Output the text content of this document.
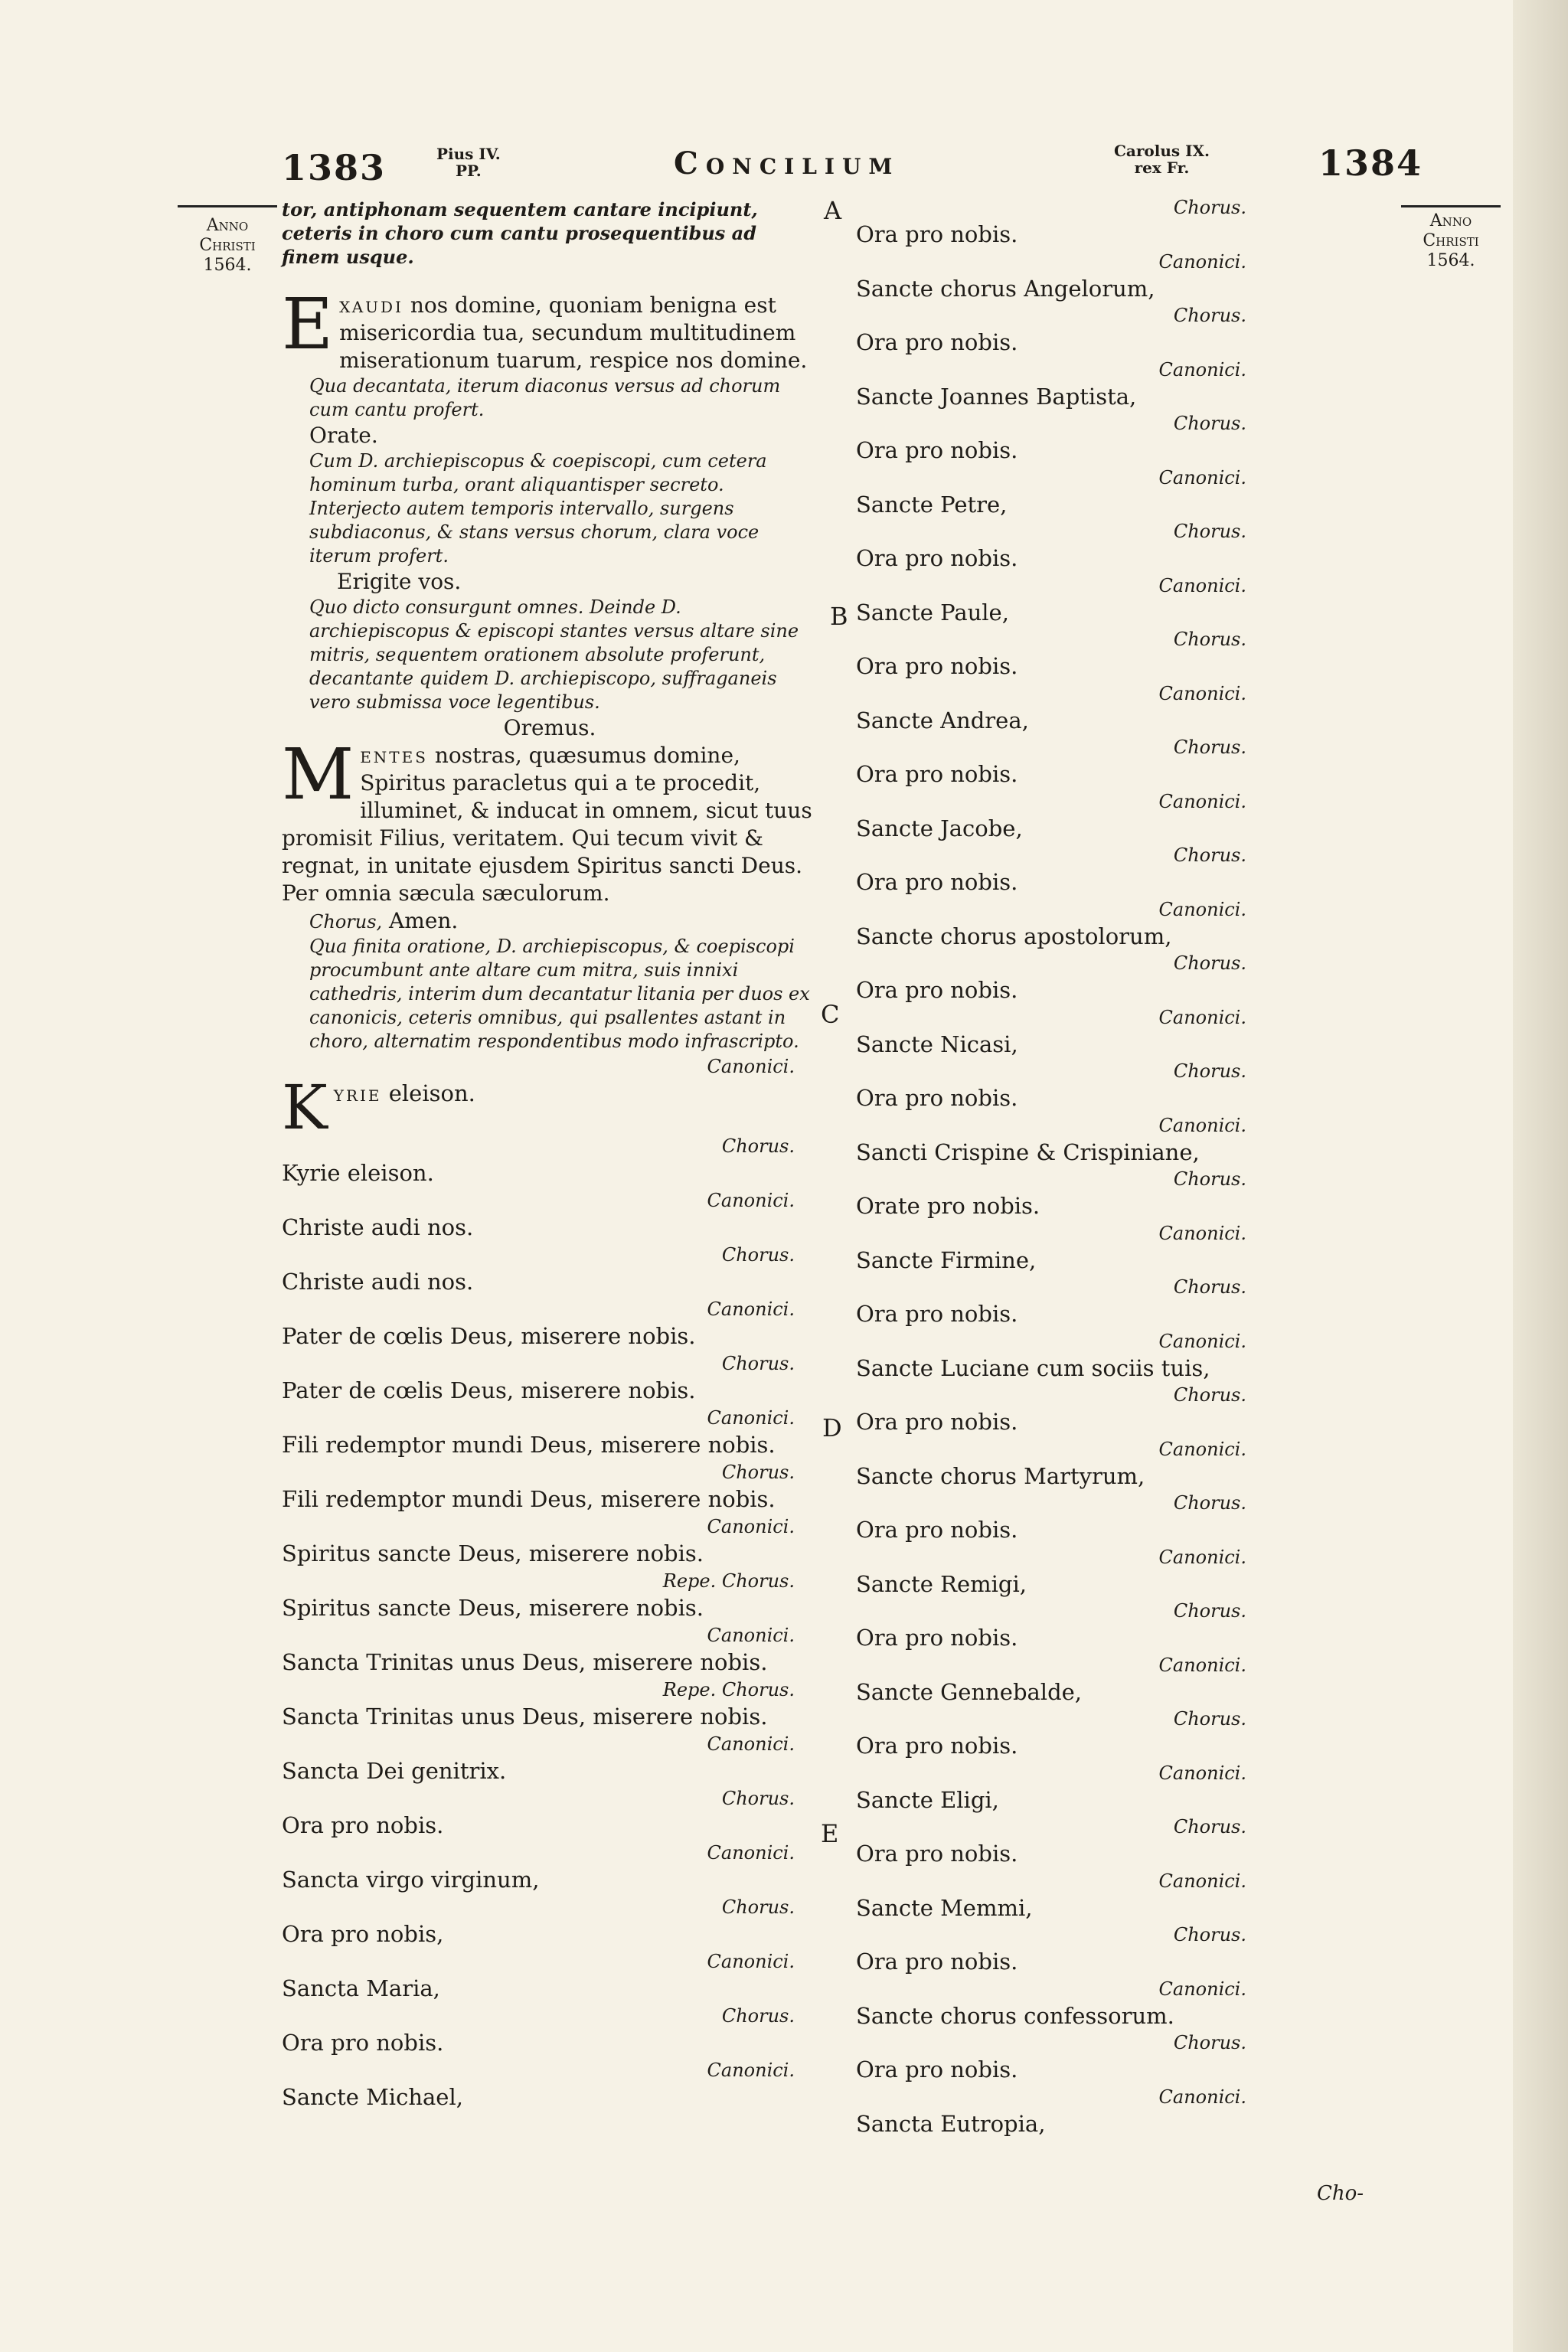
1383	Pius IV.
PP.	Concilium	Carolus IX.
rex Fr.	1384
Anno
Christi
1564.
Anno
Christi
1564.
A
B
C
D
E
tor, antiphonam sequentem cantare incipiunt, ceteris in choro cum cantu prosequentibus ad finem usque.
Exaudi nos domine, quoniam benigna est misericordia tua, secundum multitudinem miserationum tuarum, respice nos domine.
Qua decantata, iterum diaconus versus ad chorum cum cantu profert.
Orate.
Cum D. archiepiscopus & coepiscopi, cum cetera hominum turba, orant aliquantisper secreto. Interjecto autem temporis intervallo, surgens subdiaconus, & stans versus chorum, clara voce iterum profert.
Erigite vos.
Quo dicto consurgunt omnes. Deinde D. archiepiscopus & episcopi stantes versus altare sine mitris, sequentem orationem absolute proferunt, decantante quidem D. archiepiscopo, suffraganeis vero submissa voce legentibus.
Oremus.
Mentes nostras, quæsumus domine, Spiritus paracletus qui a te procedit, illuminet, & inducat in omnem, sicut tuus promisit Filius, veritatem. Qui tecum vivit & regnat, in unitate ejusdem Spiritus sancti Deus. Per omnia sæcula sæculorum.
Chorus, Amen.
Qua finita oratione, D. archiepiscopus, & coepiscopi procumbunt ante altare cum mitra, suis innixi cathedris, interim dum decantatur litania per duos ex canonicis, ceteris omnibus, qui psallentes astant in choro, alternatim respondentibus modo infrascripto.
Canonici.
Kyrie eleison.
Chorus.
Kyrie eleison.
Canonici.
Christe audi nos.
Chorus.
Christe audi nos.
Canonici.
Pater de cœlis Deus, miserere nobis.
Chorus.
Pater de cœlis Deus, miserere nobis.
Canonici.
Fili redemptor mundi Deus, miserere nobis.
Chorus.
Fili redemptor mundi Deus, miserere nobis.
Canonici.
Spiritus sancte Deus, miserere nobis.
Repe. Chorus.
Spiritus sancte Deus, miserere nobis.
Canonici.
Sancta Trinitas unus Deus, miserere nobis.
Repe. Chorus.
Sancta Trinitas unus Deus, miserere nobis.
Canonici.
Sancta Dei genitrix.
Chorus.
Ora pro nobis.
Canonici.
Sancta virgo virginum,
Chorus.
Ora pro nobis,
Canonici.
Sancta Maria,
Chorus.
Ora pro nobis.
Canonici.
Sancte Michael,
Chorus.
Ora pro nobis.
Canonici.
Sancte chorus Angelorum,
Chorus.
Ora pro nobis.
Canonici.
Sancte Joannes Baptista,
Chorus.
Ora pro nobis.
Canonici.
Sancte Petre,
Chorus.
Ora pro nobis.
Canonici.
Sancte Paule,
Chorus.
Ora pro nobis.
Canonici.
Sancte Andrea,
Chorus.
Ora pro nobis.
Canonici.
Sancte Jacobe,
Chorus.
Ora pro nobis.
Canonici.
Sancte chorus apostolorum,
Chorus.
Ora pro nobis.
Canonici.
Sancte Nicasi,
Chorus.
Ora pro nobis.
Canonici.
Sancti Crispine & Crispiniane,
Chorus.
Orate pro nobis.
Canonici.
Sancte Firmine,
Chorus.
Ora pro nobis.
Canonici.
Sancte Luciane cum sociis tuis,
Chorus.
Ora pro nobis.
Canonici.
Sancte chorus Martyrum,
Chorus.
Ora pro nobis.
Canonici.
Sancte Remigi,
Chorus.
Ora pro nobis.
Canonici.
Sancte Gennebalde,
Chorus.
Ora pro nobis.
Canonici.
Sancte Eligi,
Chorus.
Ora pro nobis.
Canonici.
Sancte Memmi,
Chorus.
Ora pro nobis.
Canonici.
Sancte chorus confessorum.
Chorus.
Ora pro nobis.
Canonici.
Sancta Eutropia,
Cho-
